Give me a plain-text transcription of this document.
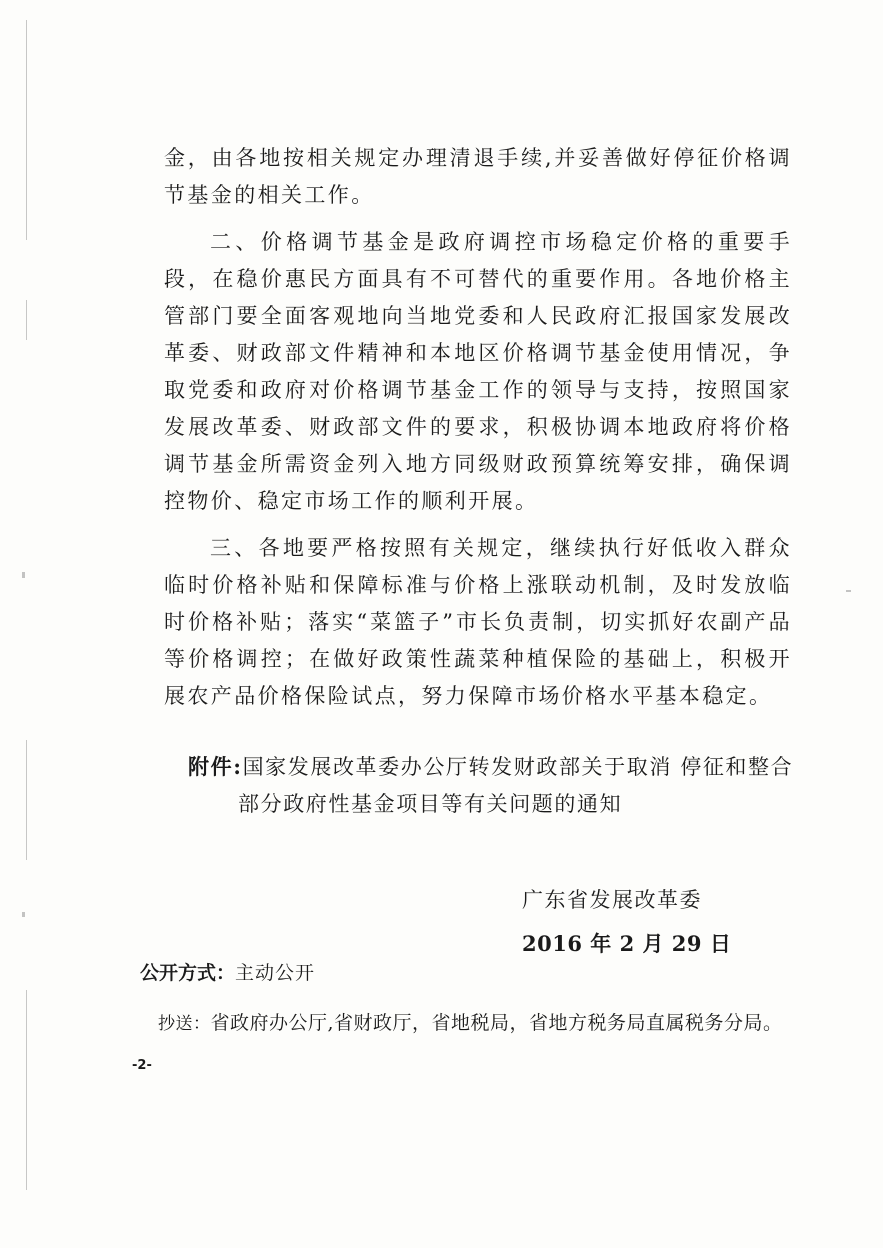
金，由各地按相关规定办理清退手续,并妥善做好停征价格调节基金的相关工作。

二、价格调节基金是政府调控市场稳定价格的重要手段，在稳价惠民方面具有不可替代的重要作用。各地价格主管部门要全面客观地向当地党委和人民政府汇报国家发展改革委、财政部文件精神和本地区价格调节基金使用情况，争取党委和政府对价格调节基金工作的领导与支持，按照国家发展改革委、财政部文件的要求，积极协调本地政府将价格调节基金所需资金列入地方同级财政预算统筹安排，确保调控物价、稳定市场工作的顺利开展。

三、各地要严格按照有关规定，继续执行好低收入群众临时价格补贴和保障标准与价格上涨联动机制，及时发放临时价格补贴；落实“菜篮子”市长负责制，切实抓好农副产品等价格调控；在做好政策性蔬菜种植保险的基础上，积极开展农产品价格保险试点，努力保障市场价格水平基本稳定。

附件:国家发展改革委办公厅转发财政部关于取消 停征和整合
部分政府性基金项目等有关问题的通知
广东省发展改革委
2016 年 2 月 29 日
公开方式：主动公开
抄送：省政府办公厅,省财政厅，省地税局，省地方税务局直属税务分局。
-2-
